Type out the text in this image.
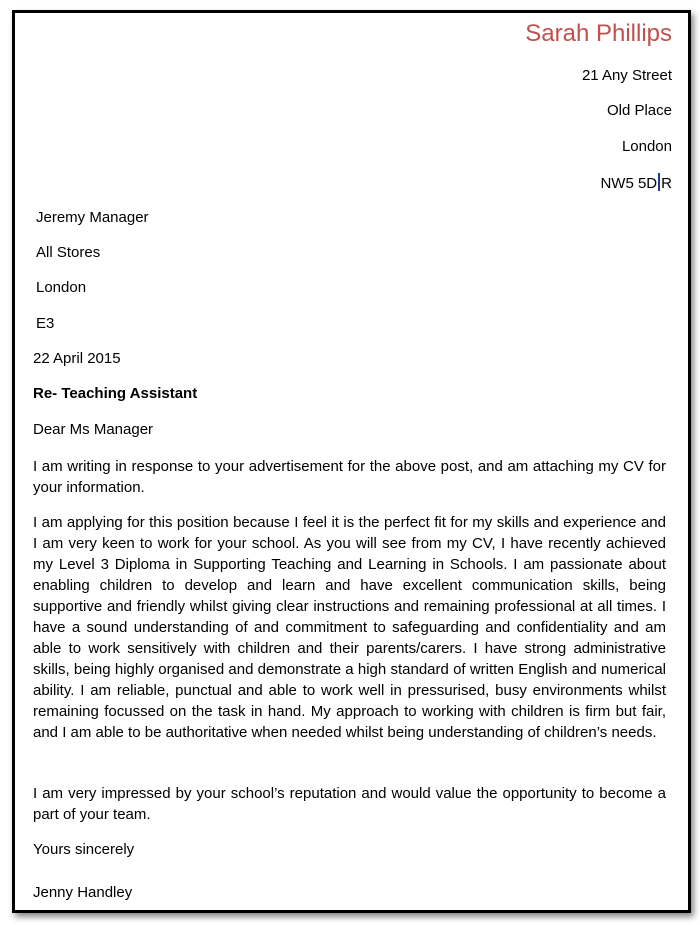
Sarah Phillips
21 Any Street
Old Place
London
NW5 5D R
Jeremy Manager
All Stores
London
E3
22 April 2015
Re- Teaching Assistant
Dear Ms Manager

I am writing in response to your advertisement for the above post, and am attaching my CV for your information.

I am applying for this position because I feel it is the perfect fit for my skills and experience and I am very keen to work for your school. As you will see from my CV, I have recently achieved my Level 3 Diploma in Supporting Teaching and Learning in Schools. I am passionate about enabling children to develop and learn and have excellent communication skills, being supportive and friendly whilst giving clear instructions and remaining professional at all times. I have a sound understanding of and commitment to safeguarding and confidentiality and am able to work sensitively with children and their parents/carers. I have strong administrative skills, being highly organised and demonstrate a high standard of written English and numerical ability. I am reliable, punctual and able to work well in pressurised, busy environments whilst remaining focussed on the task in hand. My approach to working with children is firm but fair, and I am able to be authoritative when needed whilst being understanding of children’s needs.

I am very impressed by your school’s reputation and would value the opportunity to become a part of your team.

Yours sincerely
Jenny Handley
